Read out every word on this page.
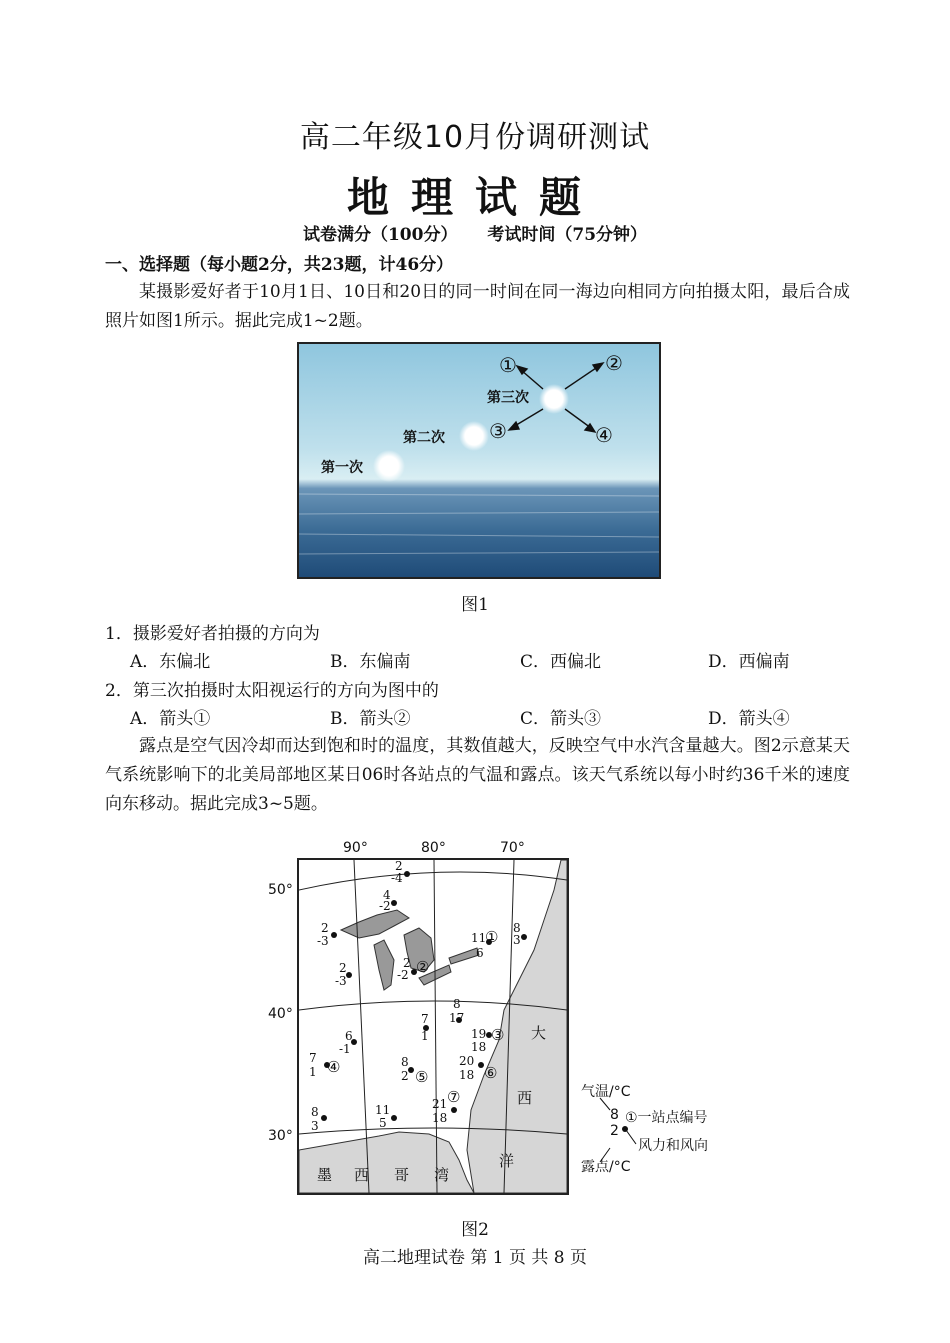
高二年级10月份调研测试
地理试题
试卷满分（100分） 考试时间（75分钟）
一、选择题（每小题2分，共23题，计46分）
某摄影爱好者于10月1日、10日和20日的同一时间在同一海边向相同方向拍摄太阳，最后合成照片如图1所示。据此完成1~2题。
第一次
第二次
第三次
①	②
③	④
图1
1．摄影爱好者拍摄的方向为
A．东偏北	B．东偏南	C．西偏北	D．西偏南
2．第三次拍摄时太阳视运行的方向为图中的
A．箭头①	B．箭头②	C．箭头③	D．箭头④
露点是空气因冷却而达到饱和时的温度，其数值越大，反映空气中水汽含量越大。图2示意某天气系统影响下的北美局部地区某日06时各站点的气温和露点。该天气系统以每小时约36千米的速度向东移动。据此完成3~5题。
90°	80°	70°
50°
40°
30°
2
-4
4
-2
2
-3	11
6
① 8
3
2
-3
2
-2 ②
8
17
7
1	19
18
③
6
-1
7
1 ④	8
2 ⑤
20
18 ⑥
8
3
11
5
21
18
⑦
大
西
洋
墨 西 哥 湾
气温/°C
8
2
①一站点编号
风力和风向
露点/°C
图2
高二地理试卷 第 1 页 共 8 页
